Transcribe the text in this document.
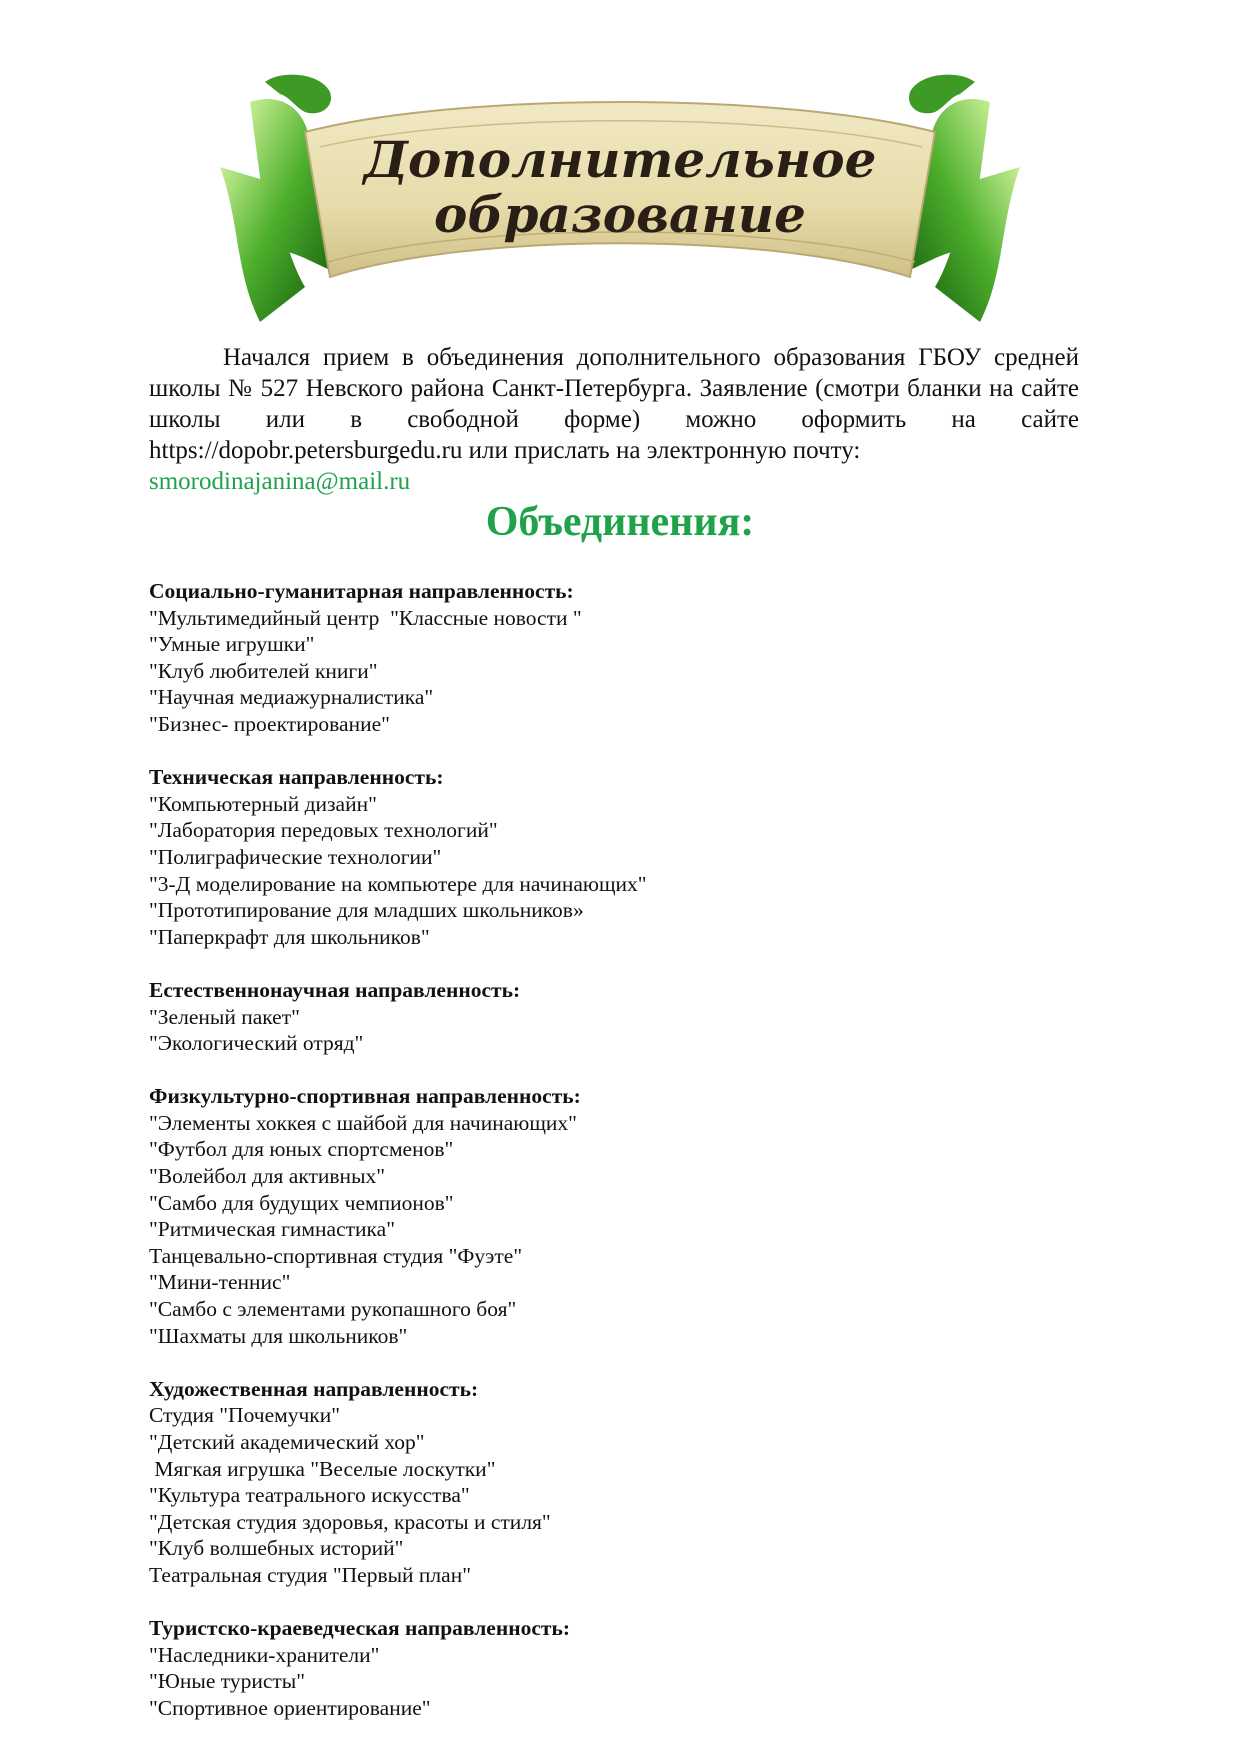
Дополнительное
образование

Начался прием в объединения дополнительного образования ГБОУ средней школы № 527 Невского района Санкт-Петербурга. Заявление (смотри бланки на сайте школы или в свободной форме) можно оформить на сайте https://dopobr.petersburgedu.ru или прислать на электронную почту:
smorodinajanina@mail.ru

Объединения:

Социально-гуманитарная направленность:

"Мультимедийный центр  "Классные новости "
"Умные игрушки"
"Клуб любителей книги"
"Научная медиажурналистика"
"Бизнес- проектирование"

Техническая направленность:

"Компьютерный дизайн"
"Лаборатория передовых технологий"
"Полиграфические технологии"
"3-Д моделирование на компьютере для начинающих"
"Прототипирование для младших школьников»
"Паперкрафт для школьников"

Естественнонаучная направленность:

"Зеленый пакет"
"Экологический отряд"

Физкультурно-спортивная направленность:

"Элементы хоккея с шайбой для начинающих"
"Футбол для юных спортсменов"
"Волейбол для активных"
"Самбо для будущих чемпионов"
"Ритмическая гимнастика"
Танцевально-спортивная студия "Фуэте"
"Мини-теннис"
"Самбо с элементами рукопашного боя"
"Шахматы для школьников"

Художественная направленность:

Студия "Почемучки"
"Детский академический хор"
Мягкая игрушка "Веселые лоскутки"
"Культура театрального искусства"
"Детская студия здоровья, красоты и стиля"
"Клуб волшебных историй"
Театральная студия "Первый план"

Туристско-краеведческая направленность:

"Наследники-хранители"
"Юные туристы"
"Спортивное ориентирование"
